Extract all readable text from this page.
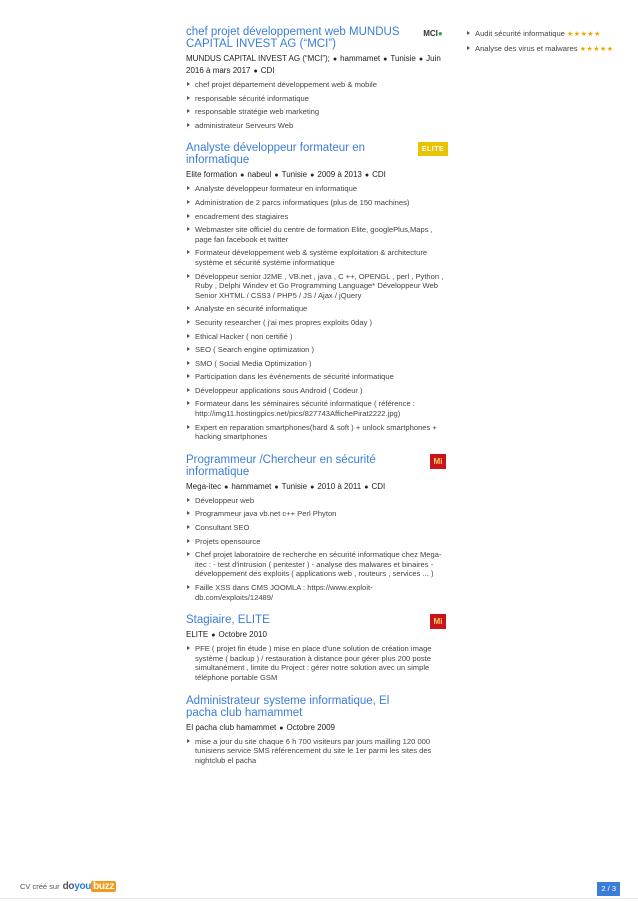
chef projet développement web MUNDUS CAPITAL INVEST AG (“MCI”)
MCI ●
MUNDUS CAPITAL INVEST AG (“MCI”); ● hammamet ● Tunisie ● Juin 2016 à mars 2017 ● CDI
chef projet département développement web & mobile
responsable sécurité informatique
responsable stratégie web marketing
administrateur Serveurs Web
Analyste développeur formateur en informatique
ELITE
Elite formation ● nabeul ● Tunisie ● 2009 à 2013 ● CDI
Analyste développeur formateur en informatique
Administration de 2 parcs informatiques (plus de 150 machines)
encadrement des stagiaires
Webmaster site officiel du centre de formation Elite, googlePlus,Maps , page fan facebook et twitter
Formateur développement web & système exploitation & architecture système et sécurité système informatique
Développeur senior J2ME , VB.net , java , C ++, OPENGL , perl , Python , Ruby , Delphi Windev et Go Programming Language* Développeur Web Senior XHTML / CSS3 / PHP5 / JS / Ajax / jQuery
Analyste en sécurité informatique
Security researcher ( j'ai mes propres exploits 0day )
Ethical Hacker ( non certifié )
SEO ( Search engine optimization )
SMO ( Social Media Optimization )
Participation dans les événements de sécurité informatique
Développeur applications sous Android ( Codeur )
Formateur dans les séminaires sécurité informatique ( référence : http://img11.hostingpics.net/pics/827743AffichePirat2222.jpg)
Expert en reparation smartphones(hard & soft ) + unlock smartphones + hacking smartphones
Programmeur /Chercheur en sécurité informatique
Mi
Mega-itec ● hammamet ● Tunisie ● 2010 à 2011 ● CDI
Développeur web
Programmeur java vb.net c++ Perl Phyton
Consultant SEO
Projets opensource
Chef projet laboratoire de recherche en sécurité informatique chez Mega-itec : - test d'intrusion ( pentester ) - analyse des malwares et binaires - développement des exploits ( applications web , routeurs , services ... )
Faille XSS dans CMS JOOMLA : https://www.exploit-db.com/exploits/12489/
Stagiaire, ELITE	Mi
ELITE ● Octobre 2010
PFE ( projet fin étude ) mise en place d'une solution de création image système ( backup ) / restauration à distance pour gérer plus 200 poste simultanément , limite du Project : gérer notre solution avec un simple téléphone portable GSM
Administrateur systeme informatique, El pacha club hamammet
El pacha club hamammet ● Octobre 2009
mise a jour du site chaque 6 h 700 visiteurs par jours mailling 120 000 tunisiens service SMS référencement du site le 1er parmi les sites des nightclub el pacha
Audit sécurité informatique ★★★★★
Analyse des virus et malwares ★★★★★
CV créé sur doyou buzz	2 / 3
